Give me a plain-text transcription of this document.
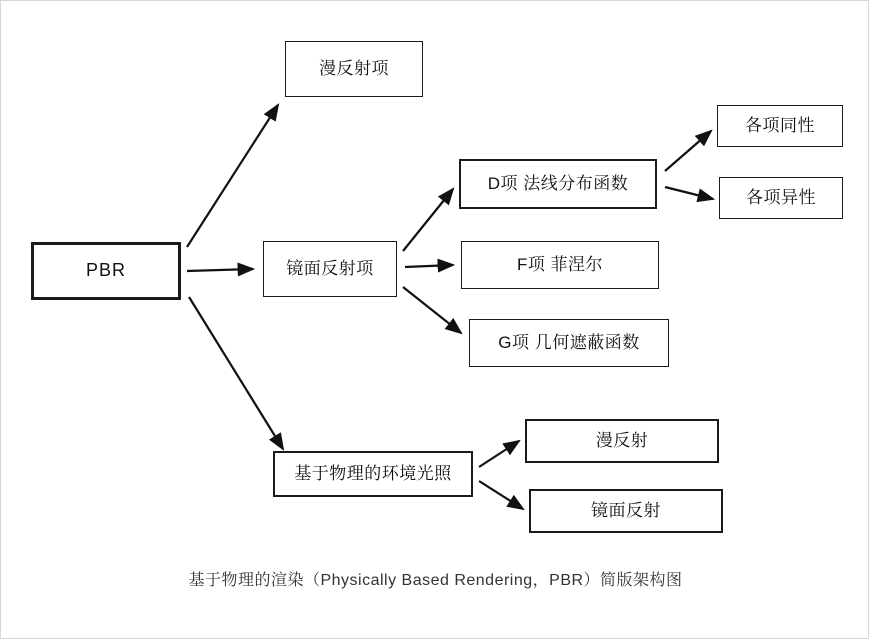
PBR
漫反射项
镜面反射项
基于物理的环境光照
D项 法线分布函数
F项 菲涅尔
G项 几何遮蔽函数
各项同性
各项异性
漫反射
镜面反射
基于物理的渲染（Physically Based Rendering，PBR）简版架构图
